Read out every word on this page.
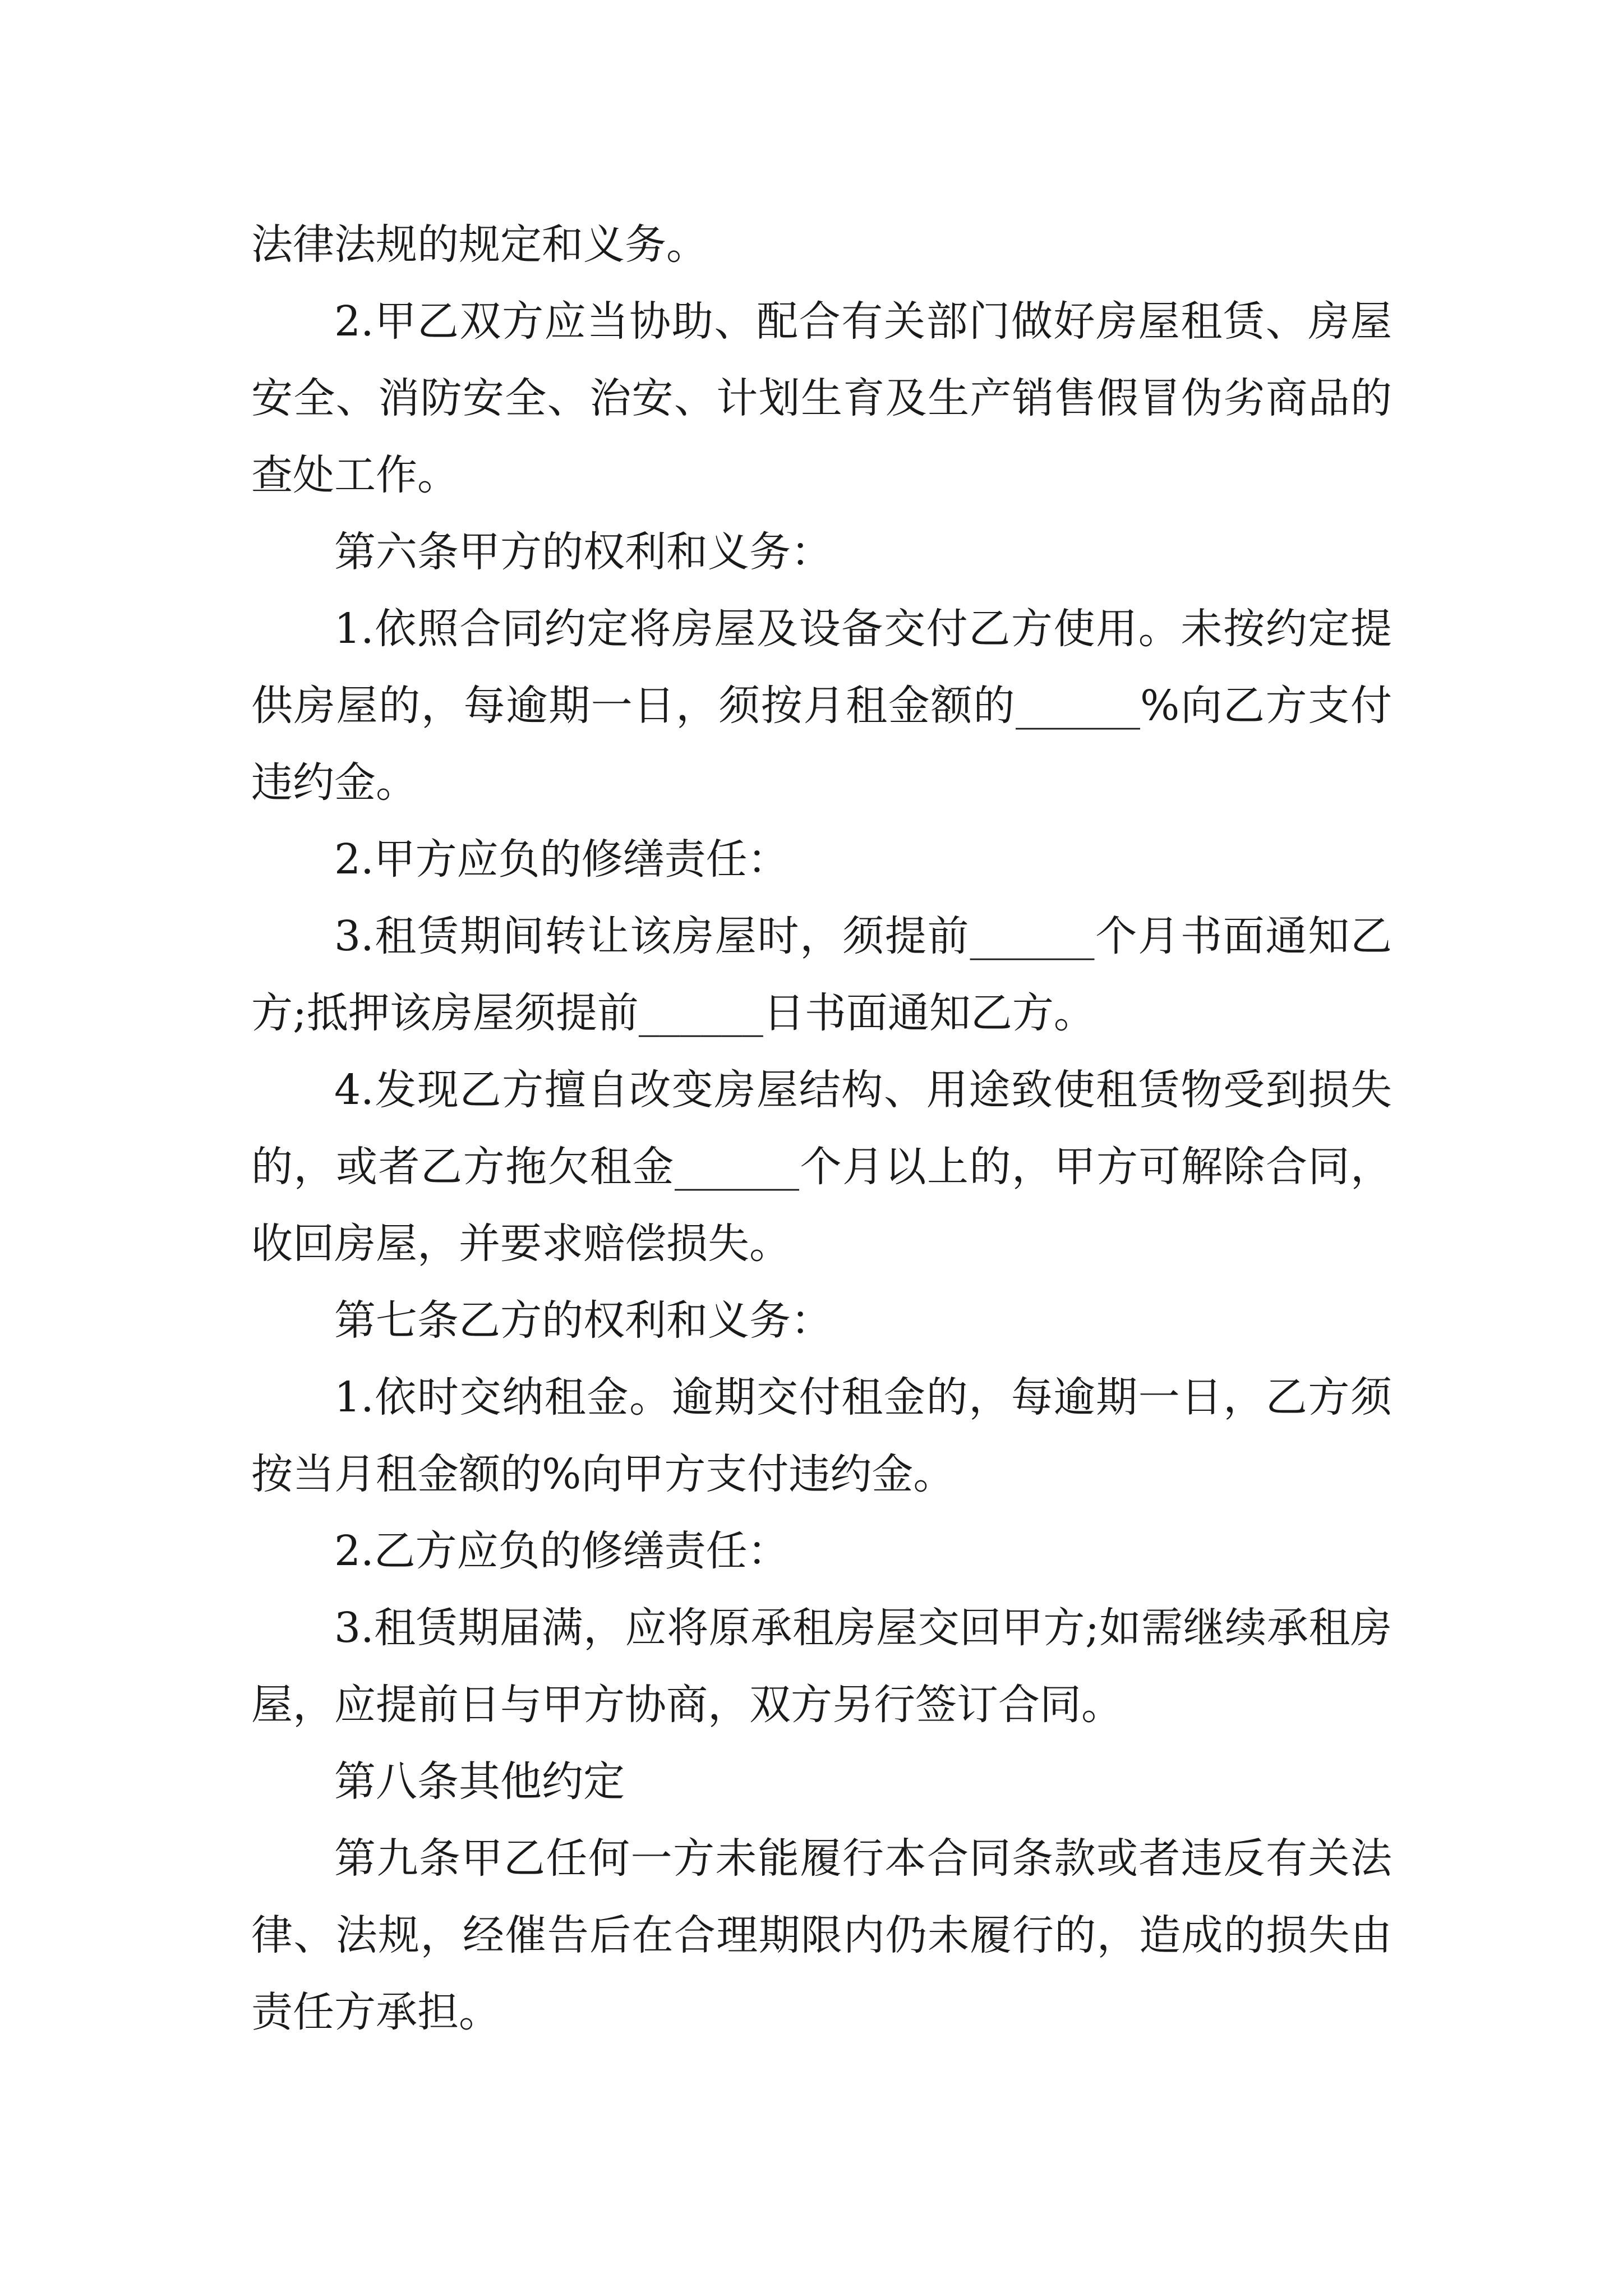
法律法规的规定和义务。

2.甲乙双方应当协助、配合有关部门做好房屋租赁、房屋安全、消防安全、治安、计划生育及生产销售假冒伪劣商品的查处工作。

第六条甲方的权利和义务：

1.依照合同约定将房屋及设备交付乙方使用。未按约定提供房屋的，每逾期一日，须按月租金额的______%向乙方支付违约金。

2.甲方应负的修缮责任：

3.租赁期间转让该房屋时，须提前______个月书面通知乙方;抵押该房屋须提前______日书面通知乙方。

4.发现乙方擅自改变房屋结构、用途致使租赁物受到损失的，或者乙方拖欠租金______个月以上的，甲方可解除合同，收回房屋，并要求赔偿损失。

第七条乙方的权利和义务：

1.依时交纳租金。逾期交付租金的，每逾期一日，乙方须按当月租金额的%向甲方支付违约金。

2.乙方应负的修缮责任：

3.租赁期届满，应将原承租房屋交回甲方;如需继续承租房屋，应提前日与甲方协商，双方另行签订合同。

第八条其他约定

第九条甲乙任何一方未能履行本合同条款或者违反有关法律、法规，经催告后在合理期限内仍未履行的，造成的损失由责任方承担。
